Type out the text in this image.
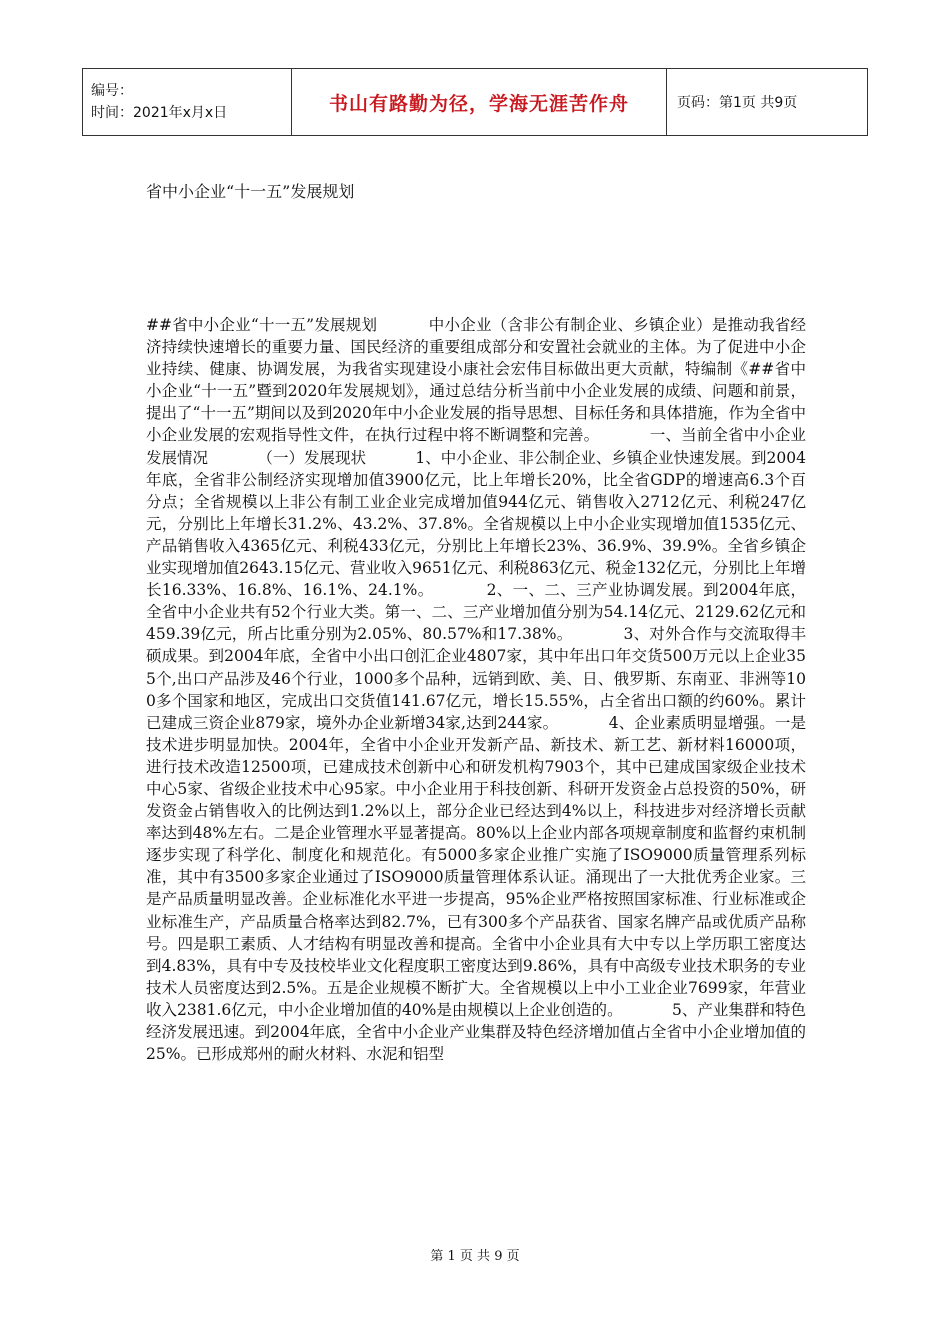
编号：
时间：2021年x月x日	书山有路勤为径，学海无涯苦作舟	页码：第1页 共9页
省中小企业“十一五”发展规划
##省中小企业“十一五”发展规划          中小企业（含非公有制企业、乡镇企业）是推动我省经济持续快速增长的重要力量、国民经济的重要组成部分和安置社会就业的主体。为了促进中小企业持续、健康、协调发展，为我省实现建设小康社会宏伟目标做出更大贡献，特编制《##省中小企业“十一五”暨到2020年发展规划》，通过总结分析当前中小企业发展的成绩、问题和前景，提出了“十一五”期间以及到2020年中小企业发展的指导思想、目标任务和具体措施，作为全省中小企业发展的宏观指导性文件，在执行过程中将不断调整和完善。          一、当前全省中小企业发展情况          （一）发展现状          1、中小企业、非公制企业、乡镇企业快速发展。到2004年底，全省非公制经济实现增加值3900亿元，比上年增长20%，比全省GDP的增速高6.3个百分点；全省规模以上非公有制工业企业完成增加值944亿元、销售收入2712亿元、利税247亿元，分别比上年增长31.2%、43.2%、37.8%。全省规模以上中小企业实现增加值1535亿元、产品销售收入4365亿元、利税433亿元，分别比上年增长23%、36.9%、39.9%。全省乡镇企业实现增加值2643.15亿元、营业收入9651亿元、利税863亿元、税金132亿元，分别比上年增长16.33%、16.8%、16.1%、24.1%。          2、一、二、三产业协调发展。到2004年底，全省中小企业共有52个行业大类。第一、二、三产业增加值分别为54.14亿元、2129.62亿元和459.39亿元，所占比重分别为2.05%、80.57%和17.38%。          3、对外合作与交流取得丰硕成果。到2004年底，全省中小出口创汇企业4807家，其中年出口年交货500万元以上企业355个,出口产品涉及46个行业，1000多个品种，远销到欧、美、日、俄罗斯、东南亚、非洲等100多个国家和地区，完成出口交货值141.67亿元，增长15.55%，占全省出口额的约60%。累计已建成三资企业879家，境外办企业新增34家,达到244家。          4、企业素质明显增强。一是技术进步明显加快。2004年，全省中小企业开发新产品、新技术、新工艺、新材料16000项，进行技术改造12500项，已建成技术创新中心和研发机构7903个，其中已建成国家级企业技术中心5家、省级企业技术中心95家。中小企业用于科技创新、科研开发资金占总投资的50%，研发资金占销售收入的比例达到1.2%以上，部分企业已经达到4%以上，科技进步对经济增长贡献率达到48%左右。二是企业管理水平显著提高。80%以上企业内部各项规章制度和监督约束机制逐步实现了科学化、制度化和规范化。有5000多家企业推广实施了ISO9000质量管理系列标准，其中有3500多家企业通过了ISO9000质量管理体系认证。涌现出了一大批优秀企业家。三是产品质量明显改善。企业标准化水平进一步提高，95%企业严格按照国家标准、行业标准或企业标准生产，产品质量合格率达到82.7%，已有300多个产品获省、国家名牌产品或优质产品称号。四是职工素质、人才结构有明显改善和提高。全省中小企业具有大中专以上学历职工密度达到4.83%，具有中专及技校毕业文化程度职工密度达到9.86%，具有中高级专业技术职务的专业技术人员密度达到2.5%。五是企业规模不断扩大。全省规模以上中小工业企业7699家，年营业收入2381.6亿元，中小企业增加值的40%是由规模以上企业创造的。          5、产业集群和特色经济发展迅速。到2004年底，全省中小企业产业集群及特色经济增加值占全省中小企业增加值的25%。已形成郑州的耐火材料、水泥和铝型
第 1 页 共 9 页
